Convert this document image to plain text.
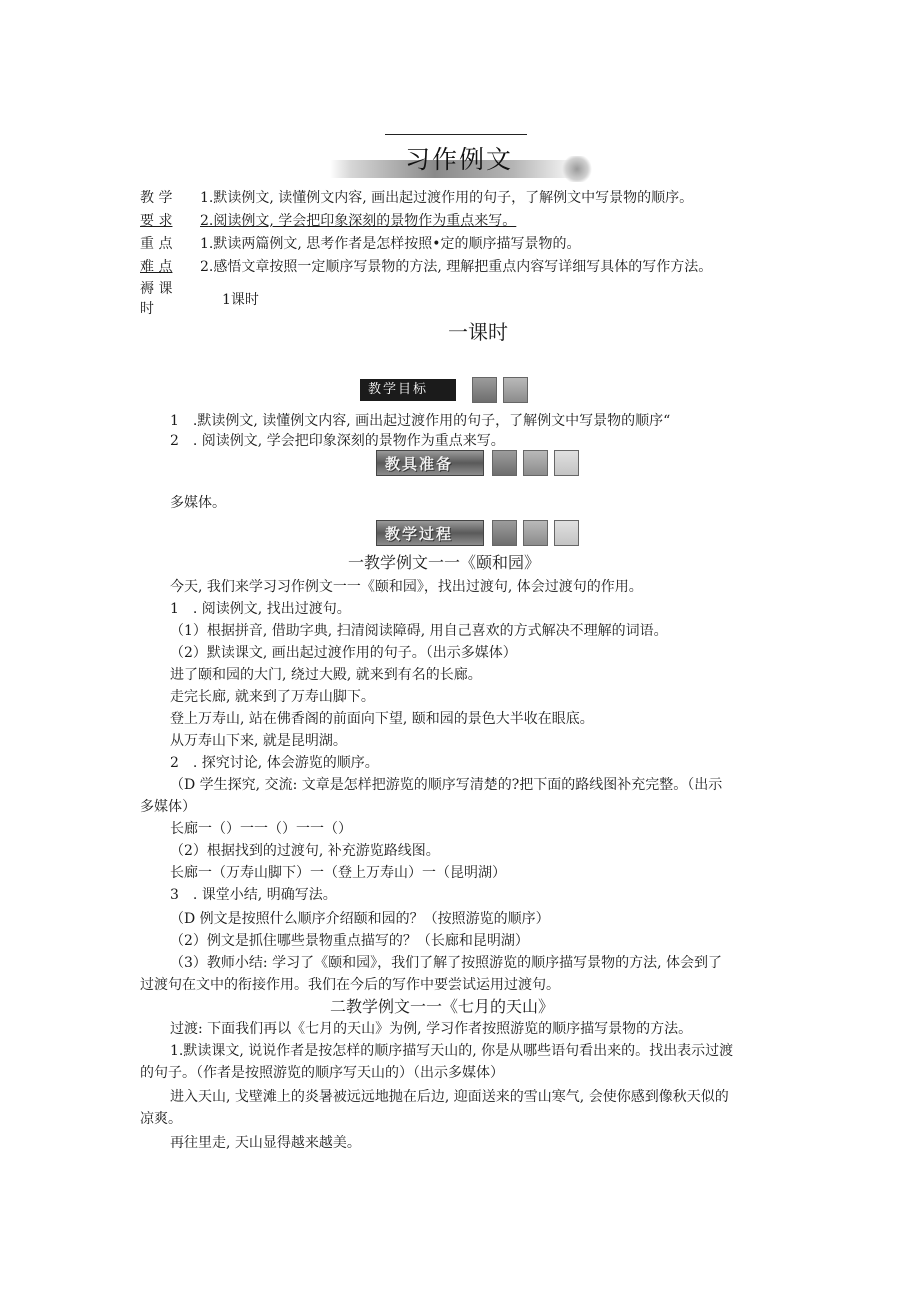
习作例文
教 学 1.默读例文, 读懂例文内容, 画出起过渡作用的句子，了解例文中写景物的顺序。
要 求 2.阅读例文, 学会把印象深刻的景物作为重点来写。
重 点 1.默读两篇例文, 思考作者是怎样按照•定的顺序描写景物的。
难 点 2.感悟文章按照一定顺序写景物的方法, 理解把重点内容写详细写具体的写作方法。
褥 课
1课时
时
一课时
教学目标
1　.默读例文, 读懂例文内容, 画出起过渡作用的句子，了解例文中写景物的顺序“
2　. 阅读例文, 学会把印象深刻的景物作为重点来写。
教具准备
多媒体。
教学过程
一教学例文一一《颐和园》
今天, 我们来学习习作例文一一《颐和园》，找出过渡句, 体会过渡句的作用。
1　. 阅读例文, 找出过渡句。
（1）根据拼音, 借助字典, 扫清阅读障碍, 用自己喜欢的方式解决不理解的词语。
（2）默读课文, 画出起过渡作用的句子。（出示多媒体）
进了颐和园的大门, 绕过大殿, 就来到有名的长廊。
走完长廊, 就来到了万寿山脚下。
登上万寿山, 站在佛香阁的前面向下望, 颐和园的景色大半收在眼底。
从万寿山下来, 就是昆明湖。
2　. 探究讨论, 体会游览的顺序。
（D 学生探究, 交流: 文章是怎样把游览的顺序写清楚的?把下面的路线图补充完整。（出示
多媒体）
长廊一（）一一（）一一（）
（2）根据找到的过渡句, 补充游览路线图。
长廊一（万寿山脚下）一（登上万寿山）一（昆明湖）
3　. 课堂小结, 明确写法。
（D 例文是按照什么顺序介绍颐和园的？（按照游览的顺序）
（2）例文是抓住哪些景物重点描写的？（长廊和昆明湖）
（3）教师小结: 学习了《颐和园》，我们了解了按照游览的顺序描写景物的方法, 体会到了
过渡句在文中的衔接作用。我们在今后的写作中要尝试运用过渡句。
二教学例文一一《七月的天山》
过渡: 下面我们再以《七月的天山》为例, 学习作者按照游览的顺序描写景物的方法。
1.默读课文, 说说作者是按怎样的顺序描写天山的, 你是从哪些语句看出来的。找出表示过渡
的句子。（作者是按照游览的顺序写天山的）（出示多媒体）
进入天山, 戈壁滩上的炎暑被远远地抛在后边, 迎面送来的雪山寒气, 会使你感到像秋天似的
凉爽。
再往里走, 天山显得越来越美。
